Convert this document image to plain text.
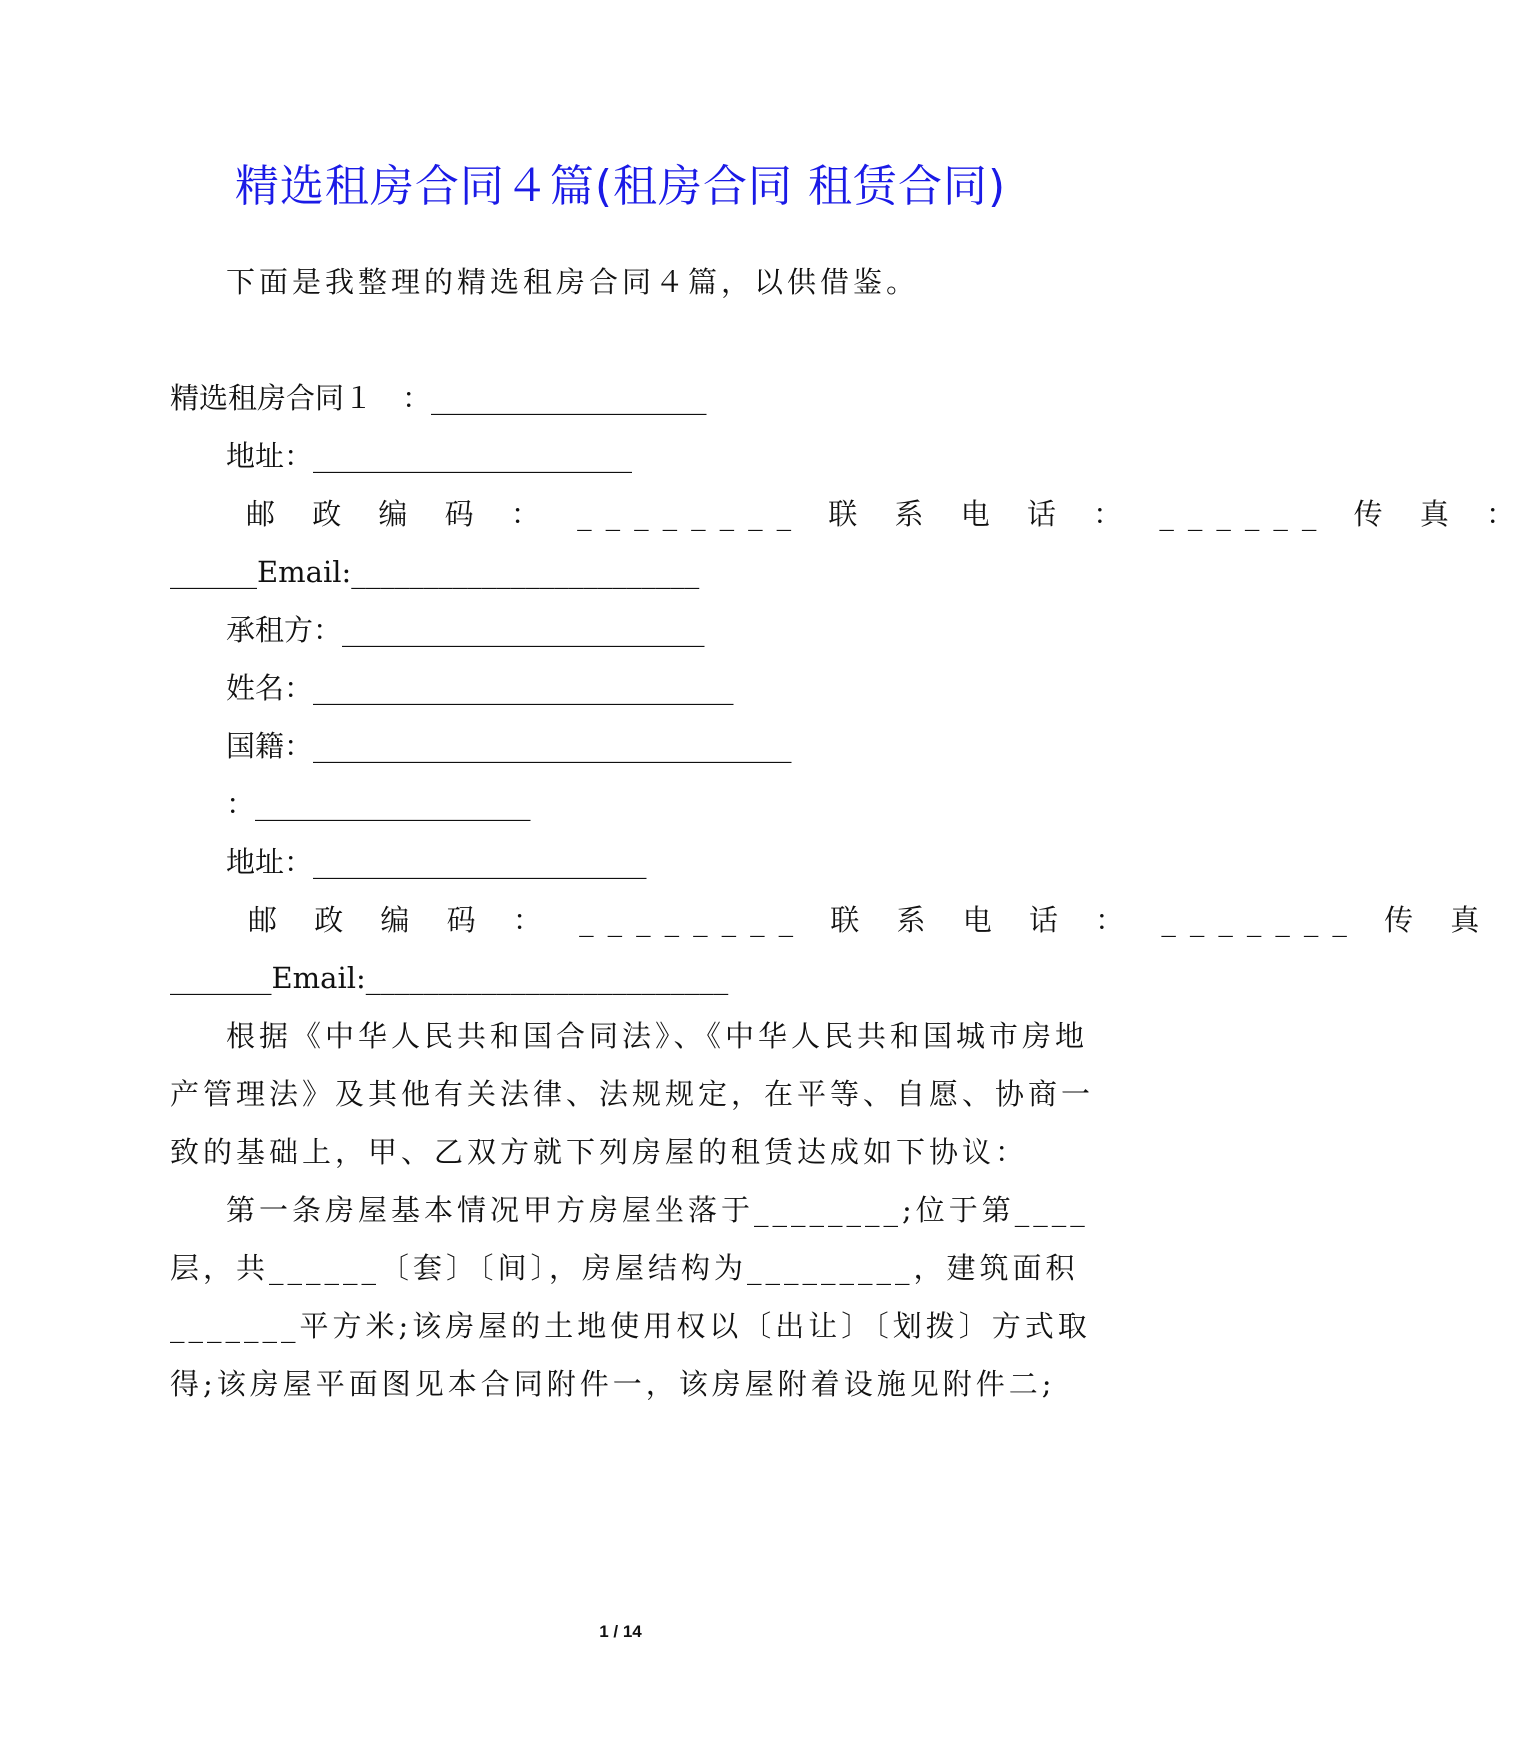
精选租房合同４篇(租房合同 租赁合同)
下面是我整理的精选租房合同４篇，以供借鉴。
精选租房合同１　：___________________
地址：______________________
邮 政 编 码 ： ________ 联 系 电 话 ： ______ 传 真 ：
______Email:________________________
承租方：_________________________
姓名：_____________________________
国籍：_________________________________
：___________________
地址：_______________________
邮 政 编 码 ： ________ 联 系 电 话 ： _______ 传 真
_______Email:_________________________
根据《中华人民共和国合同法》、《中华人民共和国城市房地
产管理法》及其他有关法律、法规规定，在平等、自愿、协商一
致的基础上，甲、乙双方就下列房屋的租赁达成如下协议：
第一条房屋基本情况甲方房屋坐落于________;位于第____
层，共______〔套〕〔间〕，房屋结构为_________，建筑面积
_______平方米;该房屋的土地使用权以〔出让〕〔划拨〕方式取
得;该房屋平面图见本合同附件一，该房屋附着设施见附件二;
1 / 14
